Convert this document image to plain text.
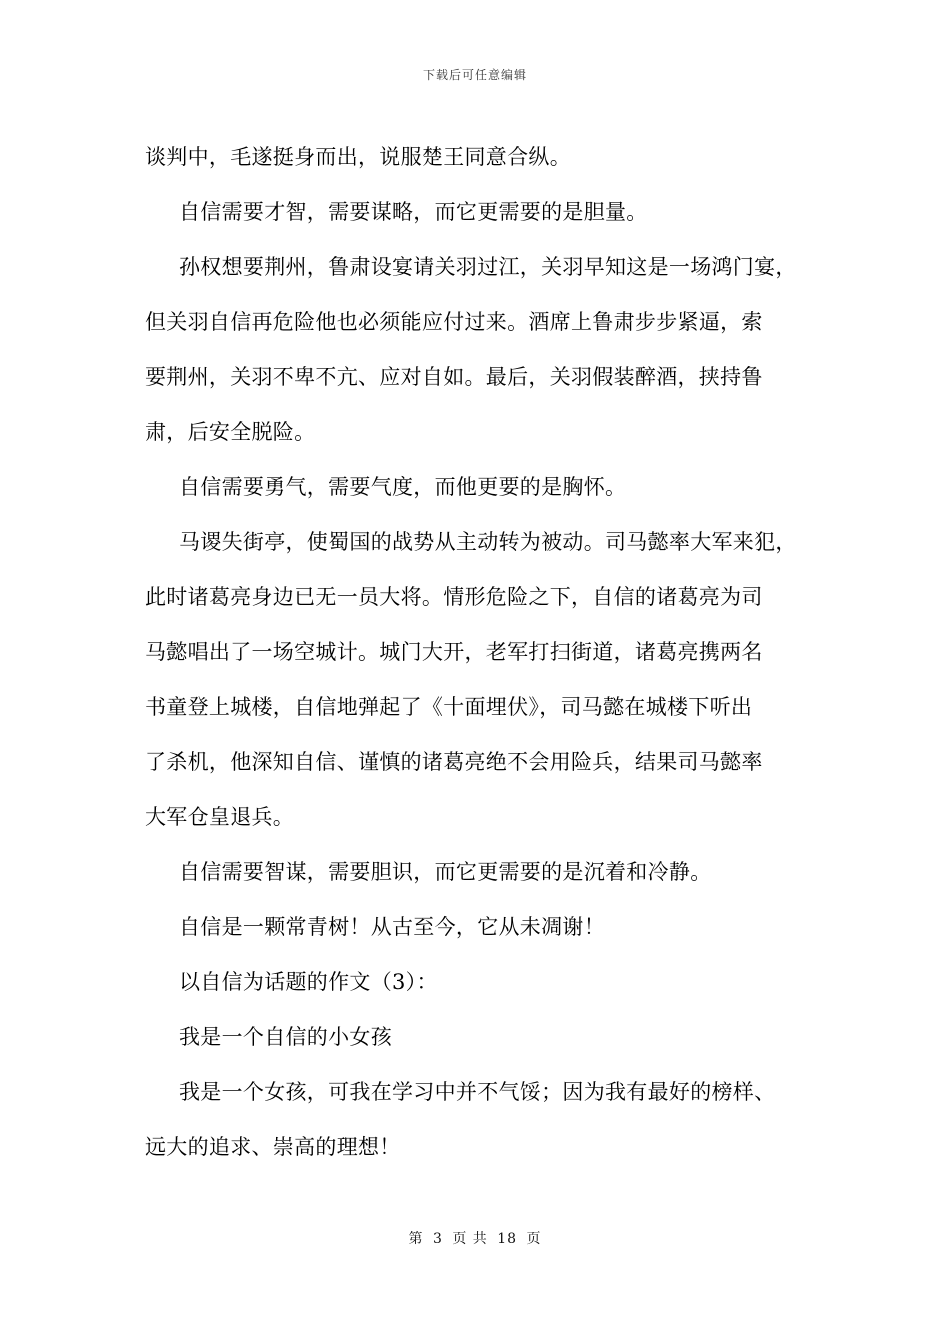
下载后可任意编辑
谈判中，毛遂挺身而出，说服楚王同意合纵。
自信需要才智，需要谋略，而它更需要的是胆量。
孙权想要荆州，鲁肃设宴请关羽过江，关羽早知这是一场鸿门宴，
但关羽自信再危险他也必须能应付过来。酒席上鲁肃步步紧逼，索
要荆州，关羽不卑不亢、应对自如。最后，关羽假装醉酒，挟持鲁
肃，后安全脱险。
自信需要勇气，需要气度，而他更要的是胸怀。
马谡失街亭，使蜀国的战势从主动转为被动。司马懿率大军来犯，
此时诸葛亮身边已无一员大将。情形危险之下，自信的诸葛亮为司
马懿唱出了一场空城计。城门大开，老军打扫街道，诸葛亮携两名
书童登上城楼，自信地弹起了《十面埋伏》，司马懿在城楼下听出
了杀机，他深知自信、谨慎的诸葛亮绝不会用险兵，结果司马懿率
大军仓皇退兵。
自信需要智谋，需要胆识，而它更需要的是沉着和冷静。
自信是一颗常青树！从古至今，它从未凋谢！
以自信为话题的作文（3）：
我是一个自信的小女孩
我是一个女孩，可我在学习中并不气馁；因为我有最好的榜样、
远大的追求、崇高的理想！
第 3 页 共 18 页
